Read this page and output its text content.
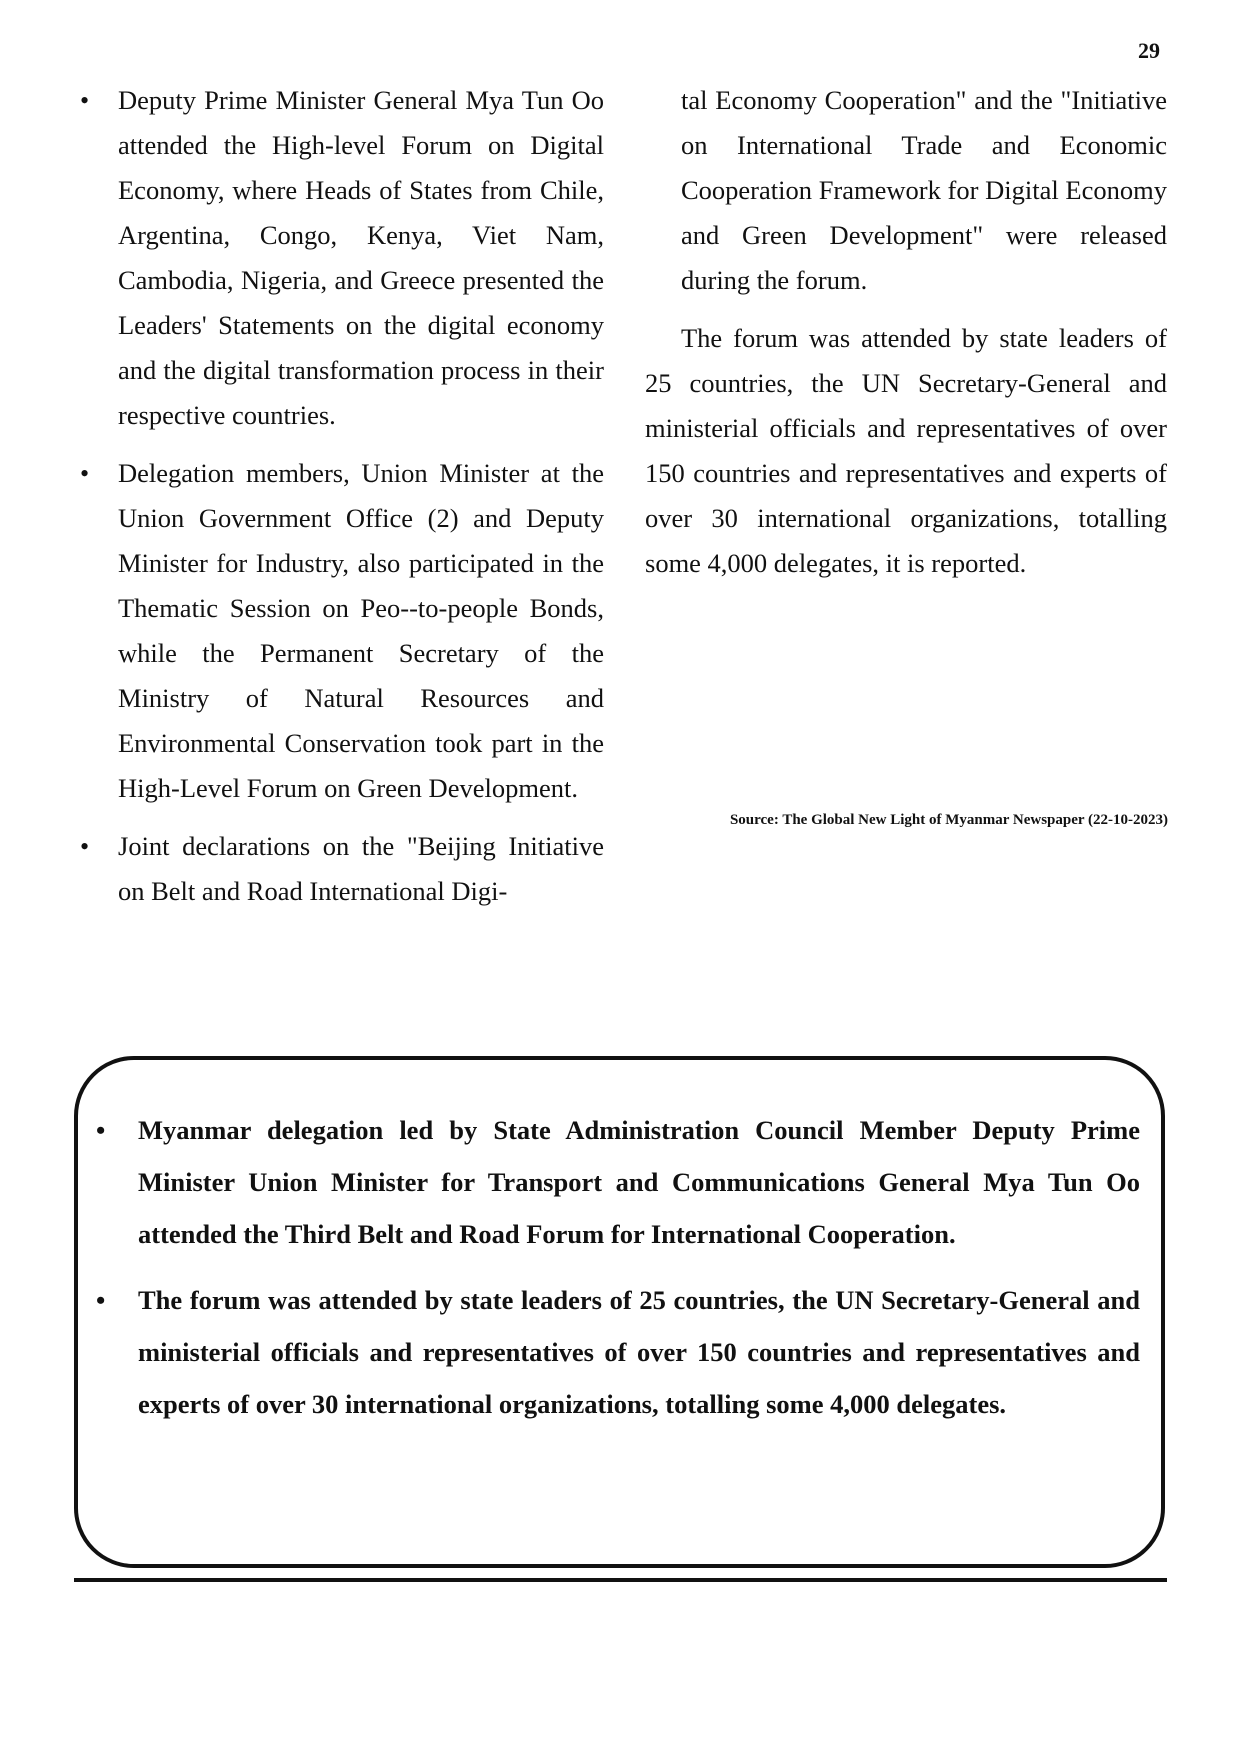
29
• Deputy Prime Minister General Mya Tun Oo attended the High-level Forum on Digital Economy, where Heads of States from Chile, Argentina, Congo, Kenya, Viet Nam, Cambodia, Nigeria, and Greece presented the Leaders' Statements on the digital economy and the digital transformation process in their respective countries.
• Delegation members, Union Minister at the Union Government Office (2) and Deputy Minister for Industry, also participated in the Thematic Session on Peo--to-people Bonds, while the Permanent Secretary of the Ministry of Natural Resources and Environmental Conservation took part in the High-Level Forum on Green Development.
• Joint declarations on the "Beijing Initiative on Belt and Road International Digi-

tal Economy Cooperation" and the "Initiative on International Trade and Economic Cooperation Framework for Digital Economy and Green Development" were released during the forum.

The forum was attended by state leaders of 25 countries, the UN Secretary-General and ministerial officials and representatives of over 150 countries and representatives and experts of over 30 international organizations, totalling some 4,000 delegates, it is reported.

Source: The Global New Light of Myanmar Newspaper (22-10-2023)
• Myanmar delegation led by State Administration Council Member Deputy Prime Minister Union Minister for Transport and Communications General Mya Tun Oo attended the Third Belt and Road Forum for International Cooperation.
• The forum was attended by state leaders of 25 countries, the UN Secretary-General and ministerial officials and representatives of over 150 countries and representatives and experts of over 30 international organizations, totalling some 4,000 delegates.
